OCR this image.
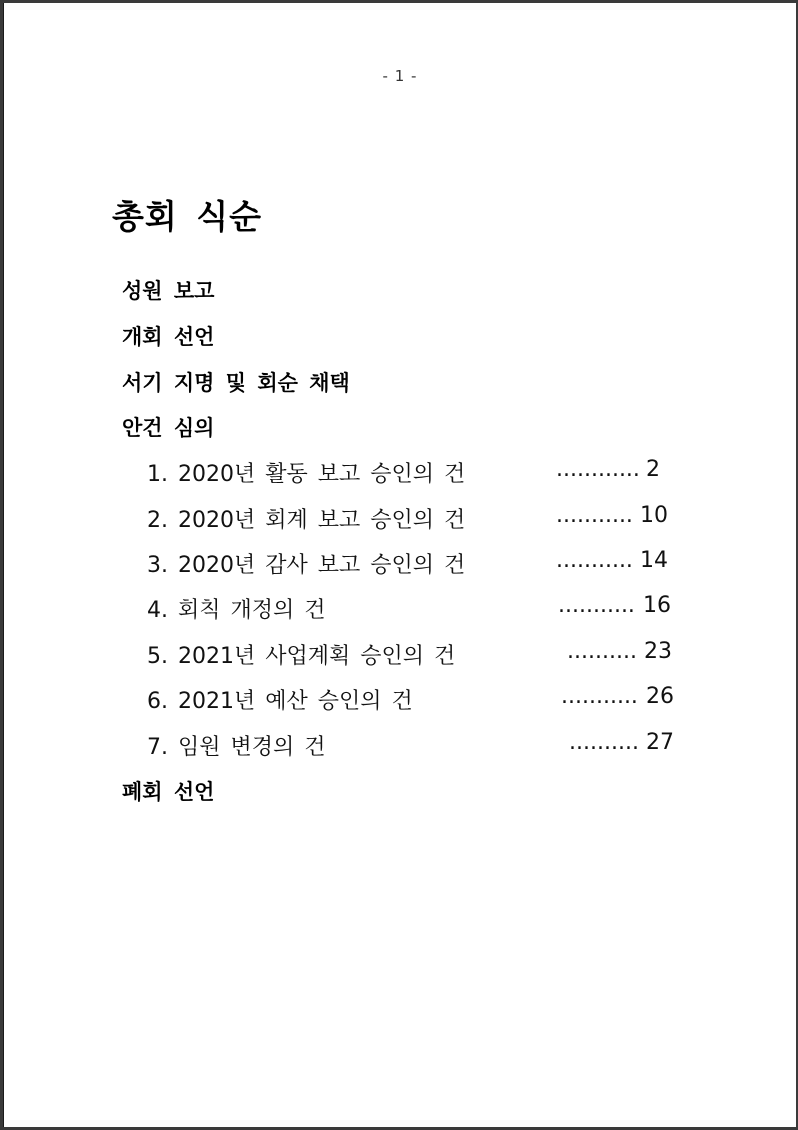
- 1 -
총회 식순
성원 보고
개회 선언
서기 지명 및 회순 채택
안건 심의
1. 2020년 활동 보고 승인의 건	............ 2
2. 2020년 회계 보고 승인의 건	........... 10
3. 2020년 감사 보고 승인의 건	........... 14
4. 회칙 개정의 건	........... 16
5. 2021년 사업계획 승인의 건	.......... 23
6. 2021년 예산 승인의 건	........... 26
7. 임원 변경의 건	.......... 27
폐회 선언
